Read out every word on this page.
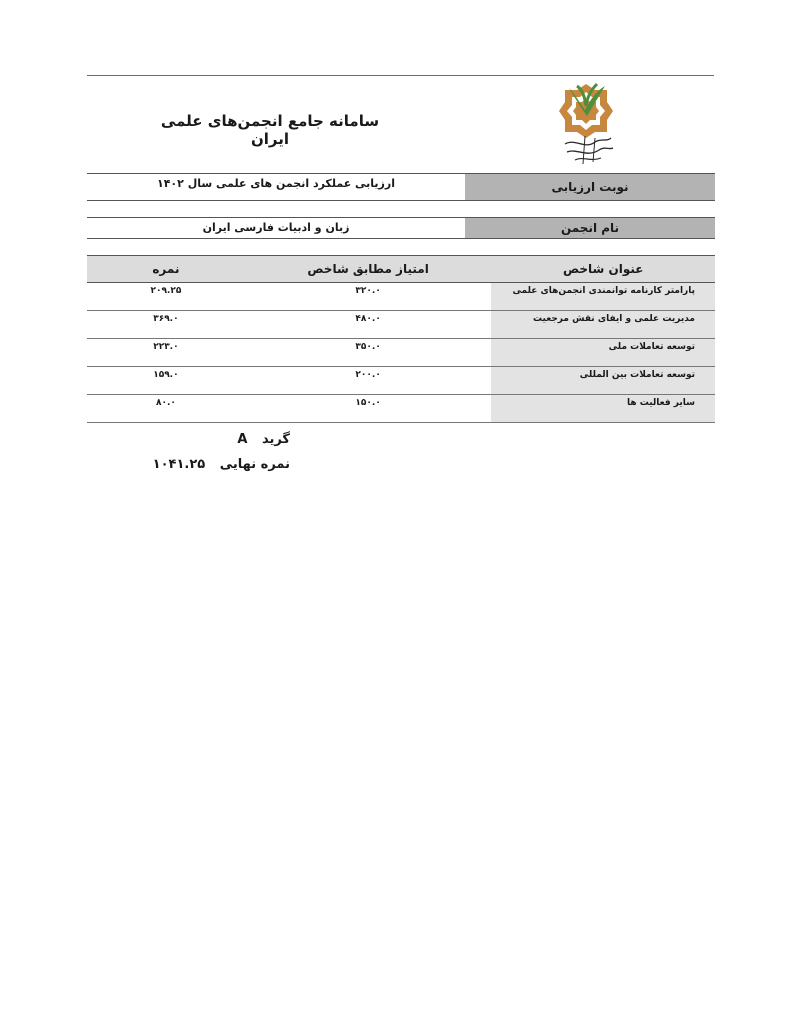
سامانه جامع انجمن‌های علمی ایران
ارزیابی عملکرد انجمن های علمی سال ۱۴۰۲	نوبت ارزیابی
زبان و ادبیات فارسی ایران	نام انجمن
نمره	امتیاز مطابق شاخص	عنوان شاخص
۲۰۹.۲۵	۳۲۰.۰	پارامتر کارنامه توانمندی انجمن‌های علمی
۳۶۹.۰	۴۸۰.۰	مدیریت علمی و ایفای نقش مرجعیت
۲۲۳.۰	۳۵۰.۰	توسعه تعاملات ملی
۱۵۹.۰	۲۰۰.۰	توسعه تعاملات بین المللی
۸۰.۰	۱۵۰.۰	سایر فعالیت ها
گرید A
نمره نهایی ۱۰۴۱.۲۵
